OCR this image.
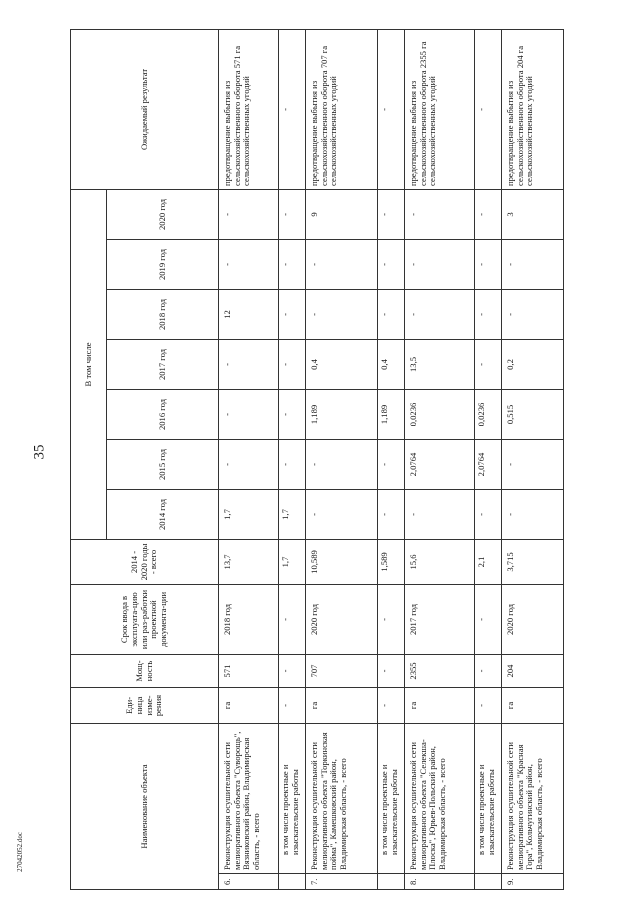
35
27042052.doc
Наименование объекта		Еди-ница изме-рения	Мощ-ность	Срок ввода в эксплуата-цию или раз-работки проектной документа-ции	2014 - 2020 годы - всего	В том числе							Ожидаемый результат
						2014 год	2015 год	2016 год	2017 год	2018 год	2019 год	2020 год	
6.	Реконструкция осушительной сети мелиоративного объекта "Суворощь", Вязниковский район, Владимирская область, - всего	га	571	2018 год	13,7	1,7	-	-	-	12	-	-	предотвращение выбытия из сельскохозяйственного оборота 571 га сельскохозяйственных угодий
	в том числе проектные и изыскательские работы	-	-	-	1,7	1,7	-	-	-	-	-	-	-
7.	Реконструкция осушительной сети мелиоративного объекта "Торкинская пойма", Камешковский район, Владимирская область, - всего	га	707	2020 год	10,589	-	-	1,189	0,4	-	-	9	предотвращение выбытия из сельскохозяйственного оборота 707 га сельскохозяйственных угодий
	в том числе проектные и изыскательские работы	-	-	-	1,589	-	-	1,189	0,4	-	-	-	-
8.	Реконструкция осушительной сети мелиоративного объекта "Селекша-Плоска", Юрьев-Польский район, Владимирская область, - всего	га	2355	2017 год	15,6	-	2,0764	0,0236	13,5	-	-	-	предотвращение выбытия из сельскохозяйственного оборота 2355 га сельскохозяйственных угодий
	в том числе проектные и изыскательские работы	-	-	-	2,1	-	2,0764	0,0236	-	-	-	-	-
9.	Реконструкция осушительной сети мелиоративного объекта "Красная Гора", Кольчугинский район, Владимирская область, - всего	га	204	2020 год	3,715	-	-	0,515	0,2	-	-	3	предотвращение выбытия из сельскохозяйственного оборота 204 га сельскохозяйственных угодий
